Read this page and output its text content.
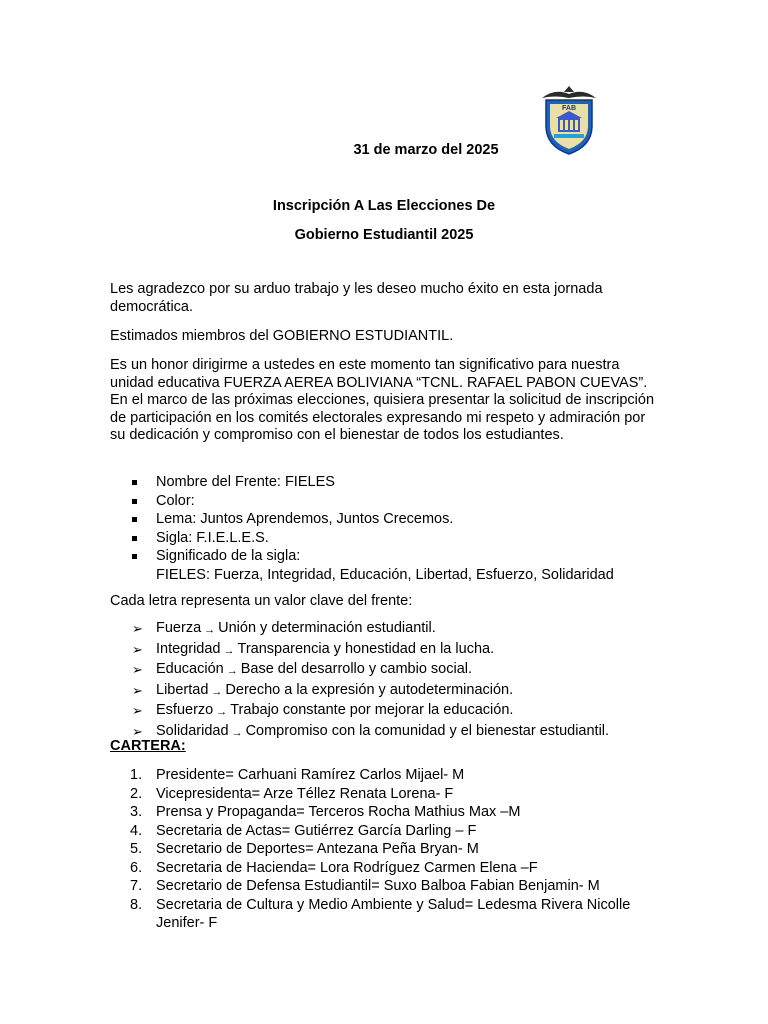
FAB
31 de marzo del 2025
Inscripción A Las Elecciones De
Gobierno Estudiantil 2025
Les agradezco por su arduo trabajo y les deseo mucho éxito en esta jornada democrática.
Estimados miembros del GOBIERNO ESTUDIANTIL.
Es un honor dirigirme a ustedes en este momento tan significativo para nuestra unidad educativa FUERZA AEREA BOLIVIANA “TCNL. RAFAEL PABON CUEVAS”. En el marco de las próximas elecciones, quisiera presentar la solicitud de inscripción de participación en los comités electorales expresando mi respeto y admiración por su dedicación y compromiso con el bienestar de todos los estudiantes.
Nombre del Frente: FIELES
Color:
Lema: Juntos Aprendemos, Juntos Crecemos.
Sigla: F.I.E.L.E.S.
Significado de la sigla:
FIELES: Fuerza, Integridad, Educación, Libertad, Esfuerzo, Solidaridad
Cada letra representa un valor clave del frente:
➢ Fuerza → Unión y determinación estudiantil.
➢ Integridad → Transparencia y honestidad en la lucha.
➢ Educación → Base del desarrollo y cambio social.
➢ Libertad → Derecho a la expresión y autodeterminación.
➢ Esfuerzo → Trabajo constante por mejorar la educación.
➢ Solidaridad → Compromiso con la comunidad y el bienestar estudiantil.
CARTERA:
1. Presidente= Carhuani Ramírez Carlos Mijael- M
2. Vicepresidenta= Arze Téllez Renata Lorena- F
3. Prensa y Propaganda= Terceros Rocha Mathius Max –M
4. Secretaria de Actas= Gutiérrez García Darling – F
5. Secretario de Deportes= Antezana Peña Bryan- M
6. Secretaria de Hacienda= Lora Rodríguez Carmen Elena –F
7. Secretario de Defensa Estudiantil= Suxo Balboa Fabian Benjamin- M
8. Secretaria de Cultura y Medio Ambiente y Salud= Ledesma Rivera Nicolle Jenifer- F
